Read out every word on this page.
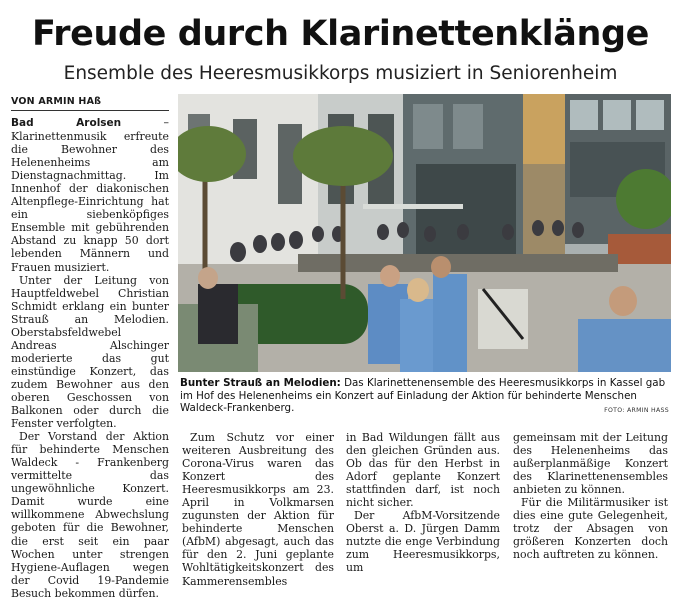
Freude durch Klarinettenklänge
Ensemble des Heeresmusikkorps musiziert in Seniorenheim
VON ARMIN HAß

Bad Arolsen – Klarinettenmusik erfreute die Bewohner des Helenenheims am Dienstagnachmittag. Im Innenhof der diakonischen Altenpflege-Einrichtung hat ein siebenköpfiges Ensemble mit gebührenden Abstand zu knapp 50 dort lebenden Männern und Frauen musiziert.

Unter der Leitung von Hauptfeldwebel Christian Schmidt erklang ein bunter Strauß an Melodien. Oberstabsfeldwebel Andreas Alschinger moderierte das gut einstündige Konzert, das zudem Bewohner aus den oberen Geschossen von Balkonen oder durch die Fenster verfolgten.

Der Vorstand der Aktion für behinderte Menschen Waldeck - Frankenberg vermittelte das ungewöhnliche Konzert. Damit wurde eine willkommene Abwechslung geboten für die Bewohner, die erst seit ein paar Wochen unter strengen Hygiene-Auflagen wegen der Covid 19-Pandemie Besuch bekommen dürfen.

Bunter Strauß an Melodien: Das Klarinettenensemble des Heeresmusikkorps in Kassel gab im Hof des Helenenheims ein Konzert auf Einladung der Aktion für behinderte Menschen Waldeck-Frankenberg.	FOTO: ARMIN HASS

Zum Schutz vor einer weiteren Ausbreitung des Corona-Virus waren das Konzert des Heeresmusikkorps am 23. April in Volkmarsen zugunsten der Aktion für behinderte Menschen (AfbM) abgesagt, auch das für den 2. Juni geplante Wohltätigkeitskonzert des Kammerensembles

in Bad Wildungen fällt aus den gleichen Gründen aus. Ob das für den Herbst in Adorf geplante Konzert stattfinden darf, ist noch nicht sicher.

Der AfbM-Vorsitzende Oberst a. D. Jürgen Damm nutzte die enge Verbindung zum Heeresmusikkorps, um

gemeinsam mit der Leitung des Helenenheims das außerplanmäßige Konzert des Klarinettenensembles anbieten zu können.

Für die Militärmusiker ist dies eine gute Gelegenheit, trotz der Absagen von größeren Konzerten doch noch auftreten zu können.
